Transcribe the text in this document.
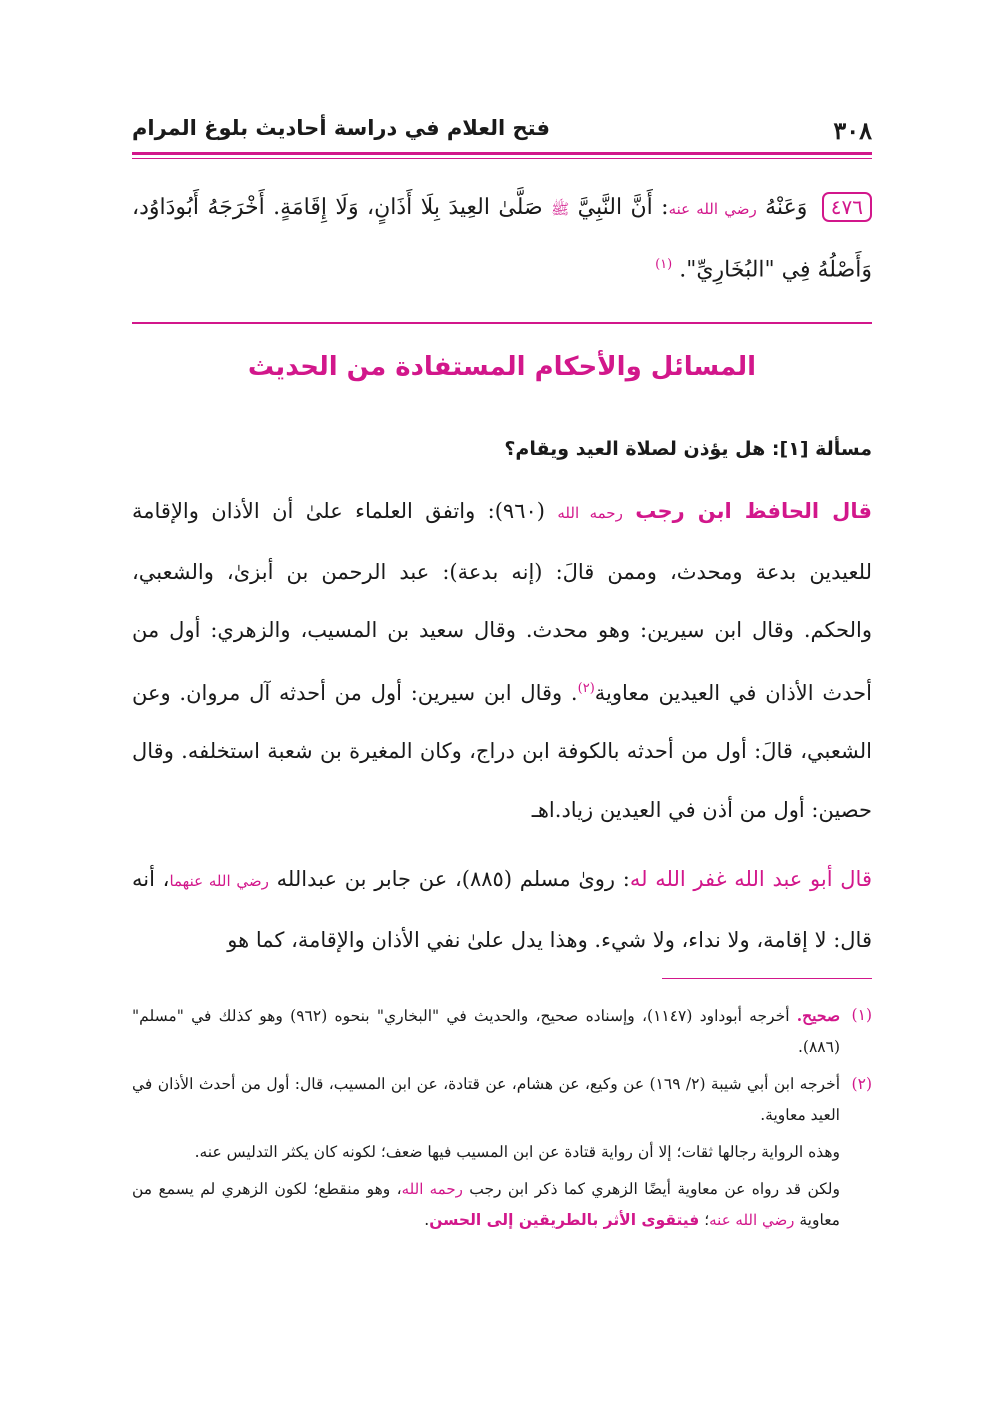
٣٠٨
فتح العلام في دراسة أحاديث بلوغ المرام
٤٧٦ وَعَنْهُ رضي الله عنه: أَنَّ النَّبِيَّ ﷺ صَلَّىٰ العِيدَ بِلَا أَذَانٍ، وَلَا إِقَامَةٍ. أَخْرَجَهُ أَبُودَاوُد، وَأَصْلُهُ فِي "البُخَارِيِّ". $^{(١)}$
المسائل والأحكام المستفادة من الحديث
مسألة [١]: هل يؤذن لصلاة العيد ويقام؟
قال الحافظ ابن رجب رحمه الله (٩٦٠): واتفق العلماء علىٰ أن الأذان والإقامة للعيدين بدعة ومحدث، وممن قالَ: (إنه بدعة): عبد الرحمن بن أبزىٰ، والشعبي، والحكم. وقال ابن سيرين: وهو محدث. وقال سعيد بن المسيب، والزهري: أول من أحدث الأذان في العيدين معاوية$^{(٢)}$. وقال ابن سيرين: أول من أحدثه آل مروان. وعن الشعبي، قالَ: أول من أحدثه بالكوفة ابن دراج، وكان المغيرة بن شعبة استخلفه. وقال حصين: أول من أذن في العيدين زياد.اهـ
قال أبو عبد الله غفر الله له: رویٰ مسلم (٨٨٥)، عن جابر بن عبدالله رضي الله عنهما، أنه قال: لا إقامة، ولا نداء، ولا شيء. وهذا يدل علىٰ نفي الأذان والإقامة، كما هو
(١)
صحيح. أخرجه أبوداود (١١٤٧)، وإسناده صحيح، والحديث في "البخاري" بنحوه (٩٦٢) وهو كذلك في "مسلم" (٨٨٦).
(٢)
أخرجه ابن أبي شيبة (٢/ ١٦٩) عن وكيع، عن هشام، عن قتادة، عن ابن المسيب، قال: أول من أحدث الأذان في العيد معاوية.
وهذه الرواية رجالها ثقات؛ إلا أن رواية قتادة عن ابن المسيب فيها ضعف؛ لكونه كان يكثر التدليس عنه.
ولكن قد رواه عن معاوية أيضًا الزهري كما ذكر ابن رجب رحمه الله، وهو منقطع؛ لكون الزهري لم يسمع من معاوية رضي الله عنه؛ فيتقوى الأثر بالطريقين إلى الحسن.
